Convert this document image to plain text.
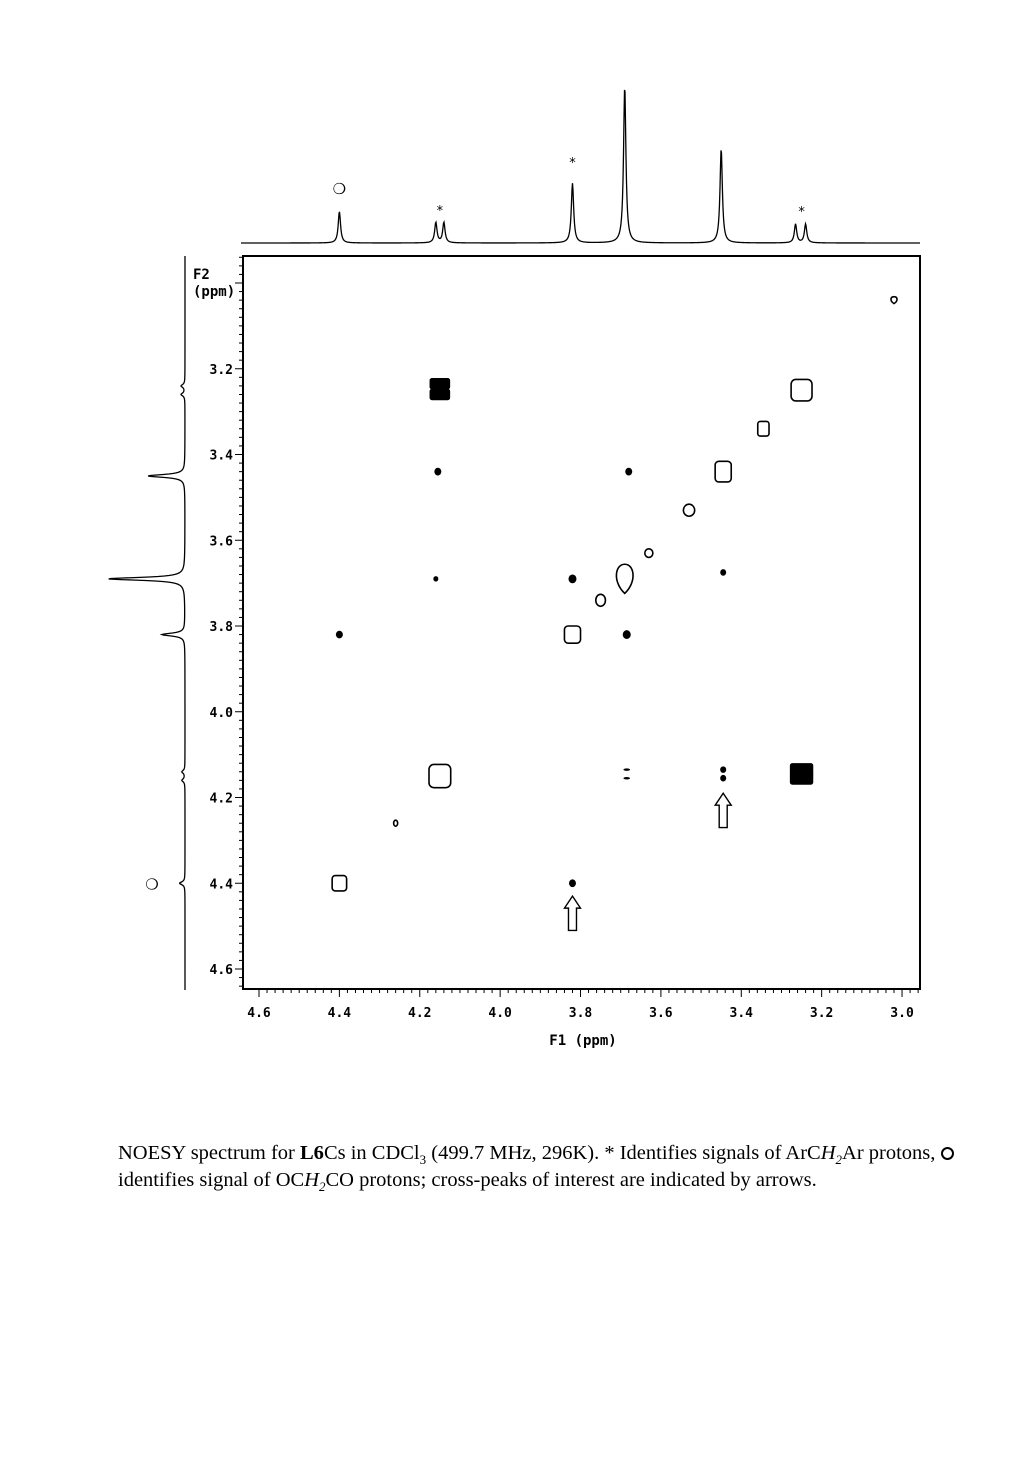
❍
*
*
*
❍
4.6	4.4	4.2	4.0	3.8	3.6	3.4	3.2	3.0
3.2
3.4
3.6
3.8
4.0
4.2
4.4
4.6
F2
(ppm)
F1 (ppm)
NOESY spectrum for L6Cs in CDCl$_3$ (499.7 MHz, 296K). * Identifies signals of ArCH$_2$Ar protons,  identifies signal of $OCH_2CO$ protons; cross-peaks of interest are indicated by arrows.
